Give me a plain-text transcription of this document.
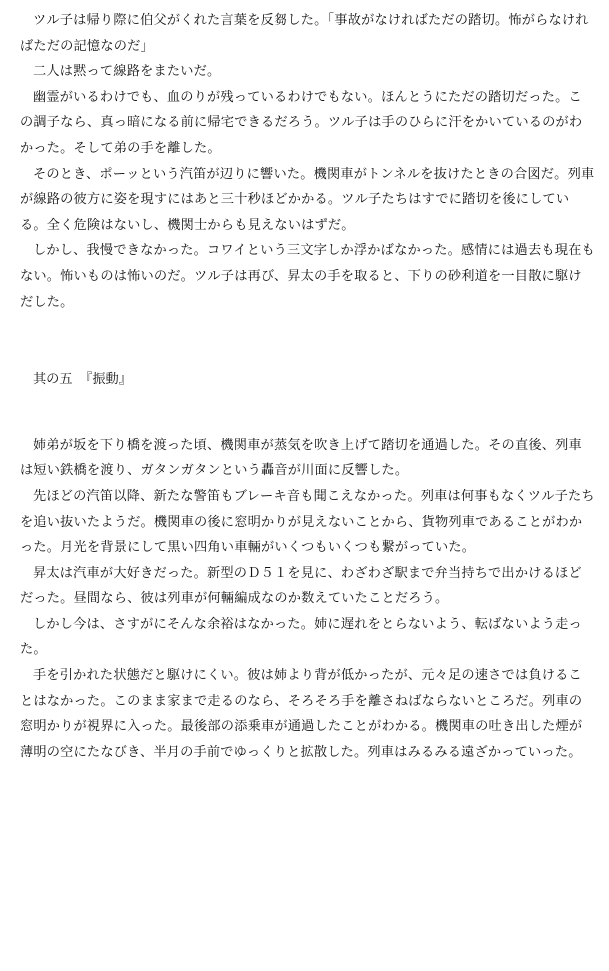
ツル子は帰り際に伯父がくれた言葉を反芻した。「事故がなければただの踏切。怖がらなければただの記憶なのだ」

二人は黙って線路をまたいだ。

幽霊がいるわけでも、血のりが残っているわけでもない。ほんとうにただの踏切だった。この調子なら、真っ暗になる前に帰宅できるだろう。ツル子は手のひらに汗をかいているのがわかった。そして弟の手を離した。

そのとき、ポーッという汽笛が辺りに響いた。機関車がトンネルを抜けたときの合図だ。列車が線路の彼方に姿を現すにはあと三十秒ほどかかる。ツル子たちはすでに踏切を後にしている。全く危険はないし、機関士からも見えないはずだ。

しかし、我慢できなかった。コワイという三文字しか浮かばなかった。感情には過去も現在もない。怖いものは怖いのだ。ツル子は再び、昇太の手を取ると、下りの砂利道を一目散に駆けだした。

其の五　『振動』

姉弟が坂を下り橋を渡った頃、機関車が蒸気を吹き上げて踏切を通過した。その直後、列車は短い鉄橋を渡り、ガタンガタンという轟音が川面に反響した。

先ほどの汽笛以降、新たな警笛もブレーキ音も聞こえなかった。列車は何事もなくツル子たちを追い抜いたようだ。機関車の後に窓明かりが見えないことから、貨物列車であることがわかった。月光を背景にして黒い四角い車輛がいくつもいくつも繋がっていた。

昇太は汽車が大好きだった。新型のＤ５１を見に、わざわざ駅まで弁当持ちで出かけるほどだった。昼間なら、彼は列車が何輛編成なのか数えていたことだろう。

しかし今は、さすがにそんな余裕はなかった。姉に遅れをとらないよう、転ばないよう走った。

手を引かれた状態だと駆けにくい。彼は姉より背が低かったが、元々足の速さでは負けることはなかった。このまま家まで走るのなら、そろそろ手を離さねばならないところだ。列車の窓明かりが視界に入った。最後部の添乗車が通過したことがわかる。機関車の吐き出した煙が薄明の空にたなびき、半月の手前でゆっくりと拡散した。列車はみるみる遠ざかっていった。
